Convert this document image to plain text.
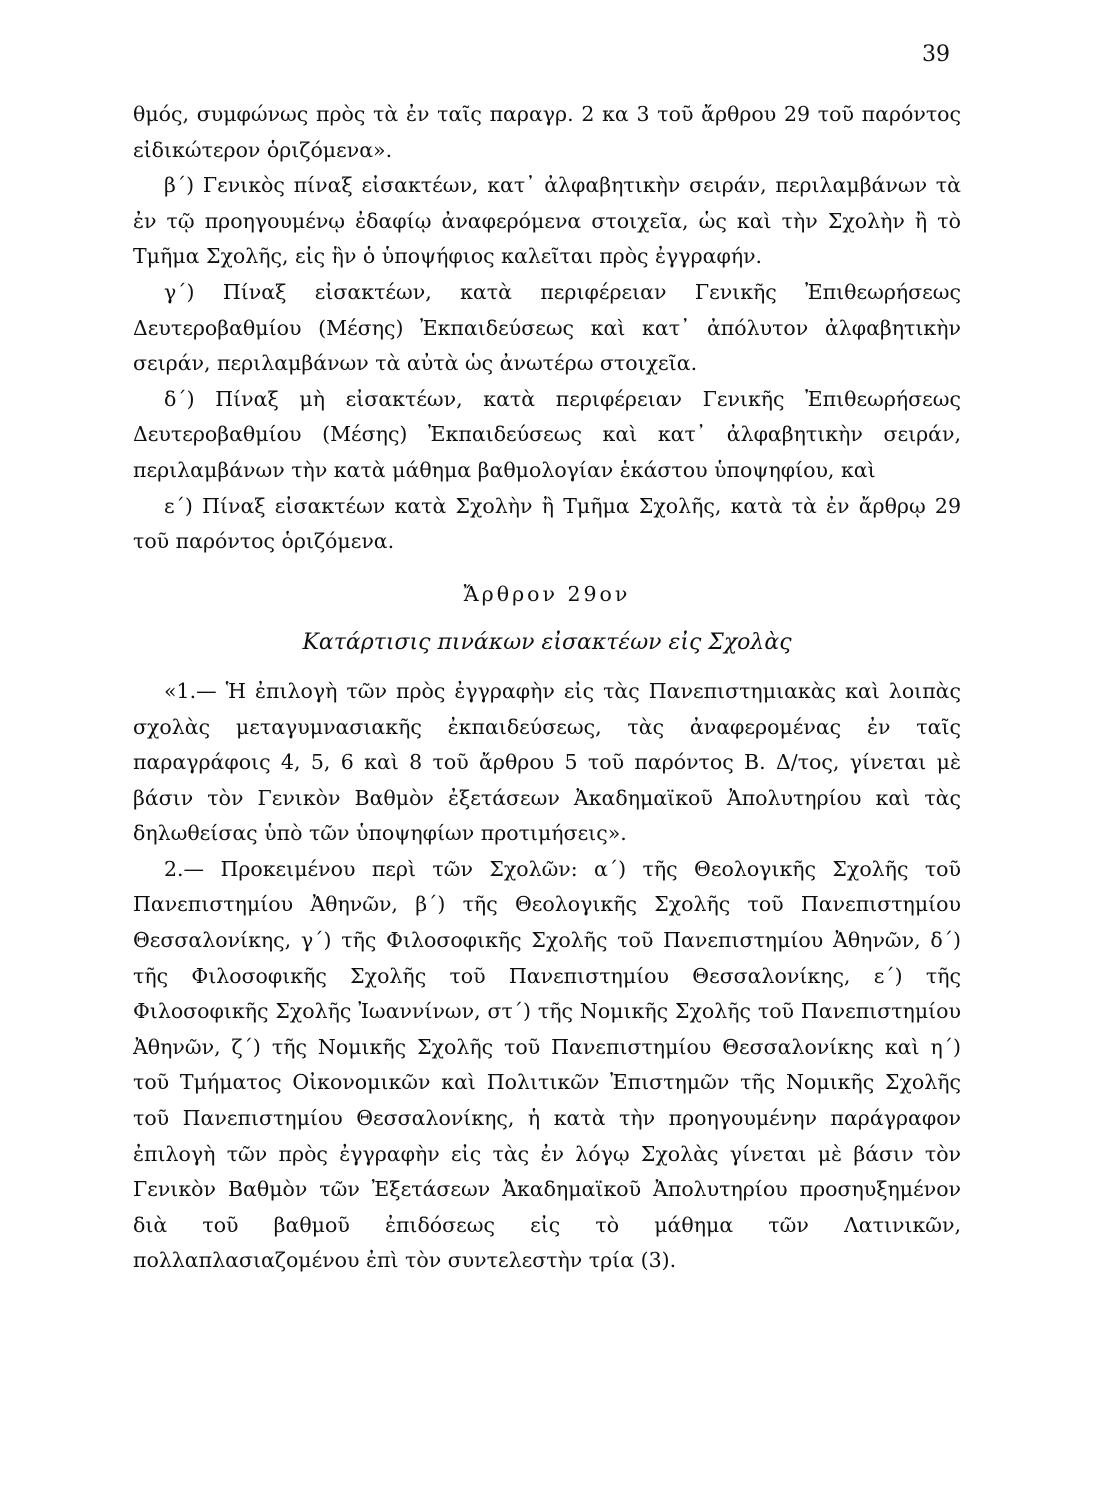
39

θμός, συμφώνως πρὸς τὰ ἐν ταῖς παραγρ. 2 κα 3 τοῦ ἄρθρου 29 τοῦ παρόντος εἰδικώτερον ὁριζόμενα».

β΄) Γενικὸς πίναξ εἰσακτέων, κατ᾽ ἀλφαβητικὴν σειράν, περιλαμβάνων τὰ ἐν τῷ προηγουμένῳ ἐδαφίῳ ἀναφερόμενα στοιχεῖα, ὡς καὶ τὴν Σχολὴν ἢ τὸ Τμῆμα Σχολῆς, εἰς ἣν ὁ ὑποψήφιος καλεῖται πρὸς ἐγγραφήν.

γ΄) Πίναξ εἰσακτέων, κατὰ περιφέρειαν Γενικῆς Ἐπιθεωρήσεως Δευτεροβαθμίου (Μέσης) Ἐκπαιδεύσεως καὶ κατ᾽ ἀπόλυτον ἀλφαβητικὴν σειράν, περιλαμβάνων τὰ αὐτὰ ὡς ἀνωτέρω στοιχεῖα.

δ΄) Πίναξ μὴ εἰσακτέων, κατὰ περιφέρειαν Γενικῆς Ἐπιθεωρήσεως Δευτεροβαθμίου (Μέσης) Ἐκπαιδεύσεως καὶ κατ᾽ ἀλφαβητικὴν σειράν, περιλαμβάνων τὴν κατὰ μάθημα βαθμολογίαν ἑκάστου ὑποψηφίου, καὶ

ε΄) Πίναξ εἰσακτέων κατὰ Σχολὴν ἢ Τμῆμα Σχολῆς, κατὰ τὰ ἐν ἄρθρῳ 29 τοῦ παρόντος ὁριζόμενα.

Ἄρθρον 29ον

Κατάρτισις πινάκων εἰσακτέων εἰς Σχολὰς

«1.— Ἡ ἐπιλογὴ τῶν πρὸς ἐγγραφὴν εἰς τὰς Πανεπιστημιακὰς καὶ λοιπὰς σχολὰς μεταγυμνασιακῆς ἐκπαιδεύσεως, τὰς ἀναφερομένας ἐν ταῖς παραγράφοις 4, 5, 6 καὶ 8 τοῦ ἄρθρου 5 τοῦ παρόντος Β. Δ/τος, γίνεται μὲ βάσιν τὸν Γενικὸν Βαθμὸν ἐξετάσεων Ἀκαδημαϊκοῦ Ἀπολυτηρίου καὶ τὰς δηλωθείσας ὑπὸ τῶν ὑποψηφίων προτιμήσεις».

2.— Προκειμένου περὶ τῶν Σχολῶν: α΄) τῆς Θεολογικῆς Σχολῆς τοῦ Πανεπιστημίου Ἀθηνῶν, β΄) τῆς Θεολογικῆς Σχολῆς τοῦ Πανεπιστημίου Θεσσαλονίκης, γ΄) τῆς Φιλοσοφικῆς Σχολῆς τοῦ Πανεπιστημίου Ἀθηνῶν, δ΄) τῆς Φιλοσοφικῆς Σχολῆς τοῦ Πανεπιστημίου Θεσσαλονίκης, ε΄) τῆς Φιλοσοφικῆς Σχολῆς Ἰωαννίνων, στ΄) τῆς Νομικῆς Σχολῆς τοῦ Πανεπιστημίου Ἀθηνῶν, ζ΄) τῆς Νομικῆς Σχολῆς τοῦ Πανεπιστημίου Θεσσαλονίκης καὶ η΄) τοῦ Τμήματος Οἰκονομικῶν καὶ Πολιτικῶν Ἐπιστημῶν τῆς Νομικῆς Σχολῆς τοῦ Πανεπιστημίου Θεσσαλονίκης, ἡ κατὰ τὴν προηγουμένην παράγραφον ἐπιλογὴ τῶν πρὸς ἐγγραφὴν εἰς τὰς ἐν λόγῳ Σχολὰς γίνεται μὲ βάσιν τὸν Γενικὸν Βαθμὸν τῶν Ἐξετάσεων Ἀκαδημαϊκοῦ Ἀπολυτηρίου προσηυξημένον διὰ τοῦ βαθμοῦ ἐπιδόσεως εἰς τὸ μάθημα τῶν Λατινικῶν, πολλαπλασιαζομένου ἐπὶ τὸν συντελεστὴν τρία (3).
